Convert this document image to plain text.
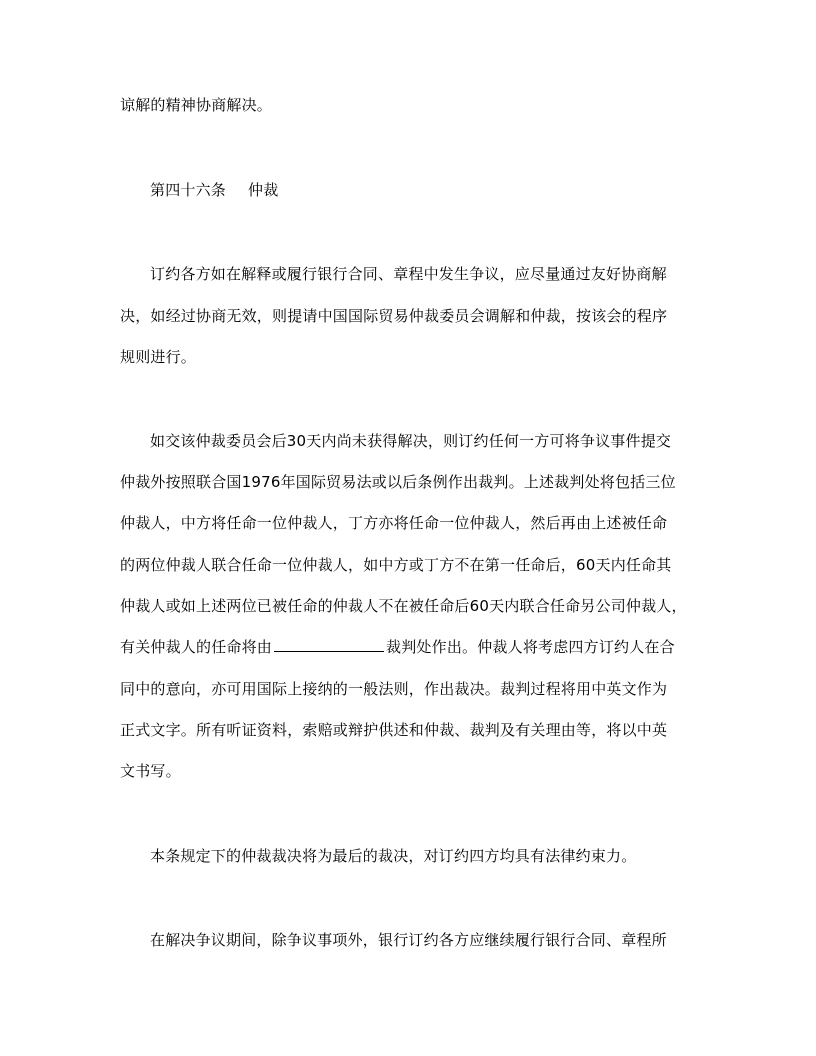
谅解的精神协商解决。
第四十六条 仲裁
订约各方如在解释或履行银行合同、章程中发生争议，应尽量通过友好协商解
决，如经过协商无效，则提请中国国际贸易仲裁委员会调解和仲裁，按该会的程序
规则进行。
如交该仲裁委员会后30天内尚未获得解决，则订约任何一方可将争议事件提交
仲裁外按照联合国1976年国际贸易法或以后条例作出裁判。上述裁判处将包括三位
仲裁人，中方将任命一位仲裁人，丁方亦将任命一位仲裁人，然后再由上述被任命
的两位仲裁人联合任命一位仲裁人，如中方或丁方不在第一任命后，60天内任命其
仲裁人或如上述两位已被任命的仲裁人不在被任命后60天内联合任命另公司仲裁人，
有关仲裁人的任命将由	裁判处作出。仲裁人将考虑四方订约人在合
同中的意向，亦可用国际上接纳的一般法则，作出裁决。裁判过程将用中英文作为
正式文字。所有听证资料，索赔或辩护供述和仲裁、裁判及有关理由等，将以中英
文书写。
本条规定下的仲裁裁决将为最后的裁决，对订约四方均具有法律约束力。
在解决争议期间，除争议事项外，银行订约各方应继续履行银行合同、章程所
